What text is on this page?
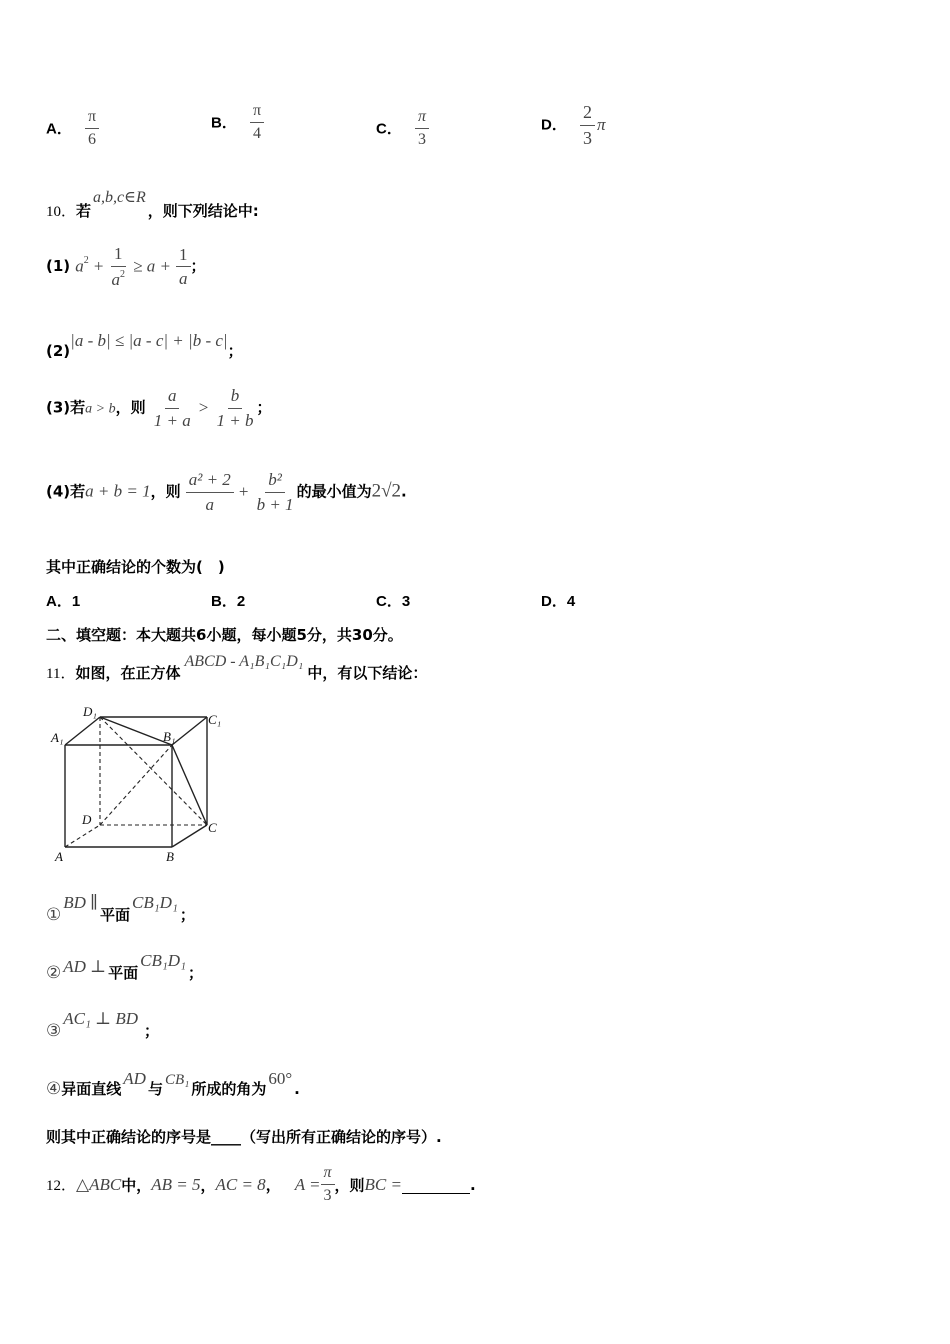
A． $\frac{\pi}{6}$	B． $\frac{\pi}{4}$	C． $\frac{\pi}{3}$	D． $\frac{2}{3}$ π
10．若a,b,c∈R，则下列结论中:
(1) $a^2 + \frac{1}{a^2} \ge a + \frac{1}{a}$ ；
(2)|a - b| ≤ |a - c| + |b - c|；
(3)若a > b，则 $\frac{a}{1 + a} > \frac{b}{1 + b}$ ；
(4)若a + b = 1，则 $\frac{\text{a² + 2}}{a} + \frac{\text{b²}}{b + 1}$ 的最小值为2√2.
其中正确结论的个数为(　)
A．1	B．2	C．3	D．4
二、填空题：本大题共6小题，每小题5分，共30分。
11．如图，在正方体ABCD - A₁B₁C₁D₁中，有以下结论：
D₁
C₁
A₁	B₁
D
C
A	B
①BD ∥平面CB₁D₁；
② AD ⊥ 平面CB₁D₁；
③AC₁ ⊥ BD；
④异面直线AD与 CB₁ 所成的角为60°.
则其中正确结论的序号是____（写出所有正确结论的序号）.
12．△ABC中，AB = 5，AC = 8， $A = \frac{\pi}{3}$ ，则BC =	.
